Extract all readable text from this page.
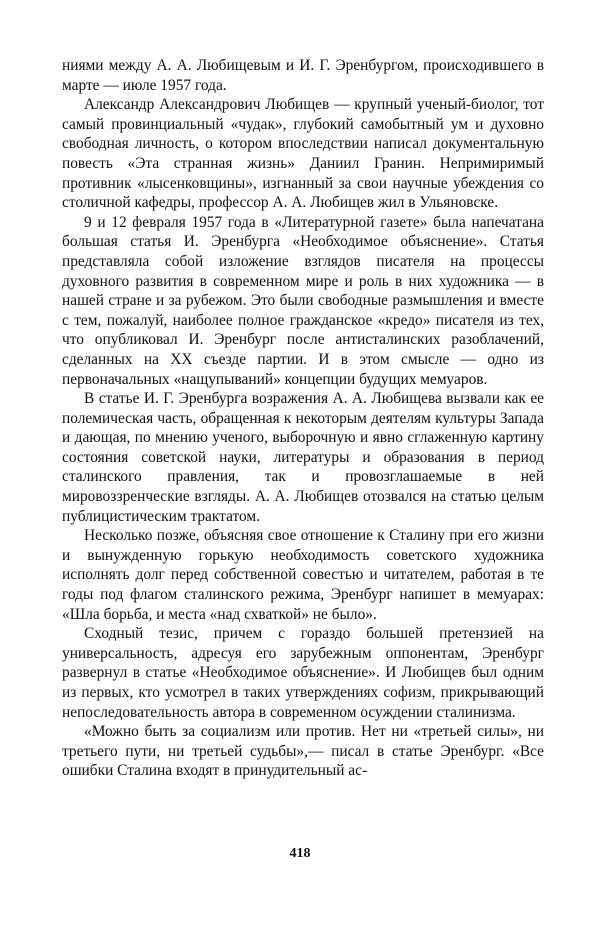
ниями между А. А. Любищевым и И. Г. Эренбургом, происходившего в марте — июле 1957 года.

Александр Александрович Любищев — крупный ученый-биолог, тот самый провинциальный «чудак», глубокий самобытный ум и духовно свободная личность, о котором впоследствии написал документальную повесть «Эта странная жизнь» Даниил Гранин. Непримиримый противник «лысенковщины», изгнанный за свои научные убеждения со столичной кафедры, профессор А. А. Любищев жил в Ульяновске.

9 и 12 февраля 1957 года в «Литературной газете» была напечатана большая статья И. Эренбурга «Необходимое объяснение». Статья представляла собой изложение взглядов писателя на процессы духовного развития в современном мире и роль в них художника — в нашей стране и за рубежом. Это были свободные размышления и вместе с тем, пожалуй, наиболее полное гражданское «кредо» писателя из тех, что опубликовал И. Эренбург после антисталинских разоблачений, сделанных на XX съезде партии. И в этом смысле — одно из первоначальных «нащупываний» концепции будущих мемуаров.

В статье И. Г. Эренбурга возражения А. А. Любищева вызвали как ее полемическая часть, обращенная к некоторым деятелям культуры Запада и дающая, по мнению ученого, выборочную и явно сглаженную картину состояния советской науки, литературы и образования в период сталинского правления, так и провозглашаемые в ней мировоззренческие взгляды. А. А. Любищев отозвался на статью целым публицистическим трактатом.

Несколько позже, объясняя свое отношение к Сталину при его жизни и вынужденную горькую необходимость советского художника исполнять долг перед собственной совестью и читателем, работая в те годы под флагом сталинского режима, Эренбург напишет в мемуарах: «Шла борьба, и места «над схваткой» не было».

Сходный тезис, причем с гораздо большей претензией на универсальность, адресуя его зарубежным оппонентам, Эренбург развернул в статье «Необходимое объяснение». И Любищев был одним из первых, кто усмотрел в таких утверждениях софизм, прикрывающий непоследовательность автора в современном осуждении сталинизма.

«Можно быть за социализм или против. Нет ни «третьей силы», ни третьего пути, ни третьей судьбы»,— писал в статье Эренбург. «Все ошибки Сталина входят в принудительный ас-

418
